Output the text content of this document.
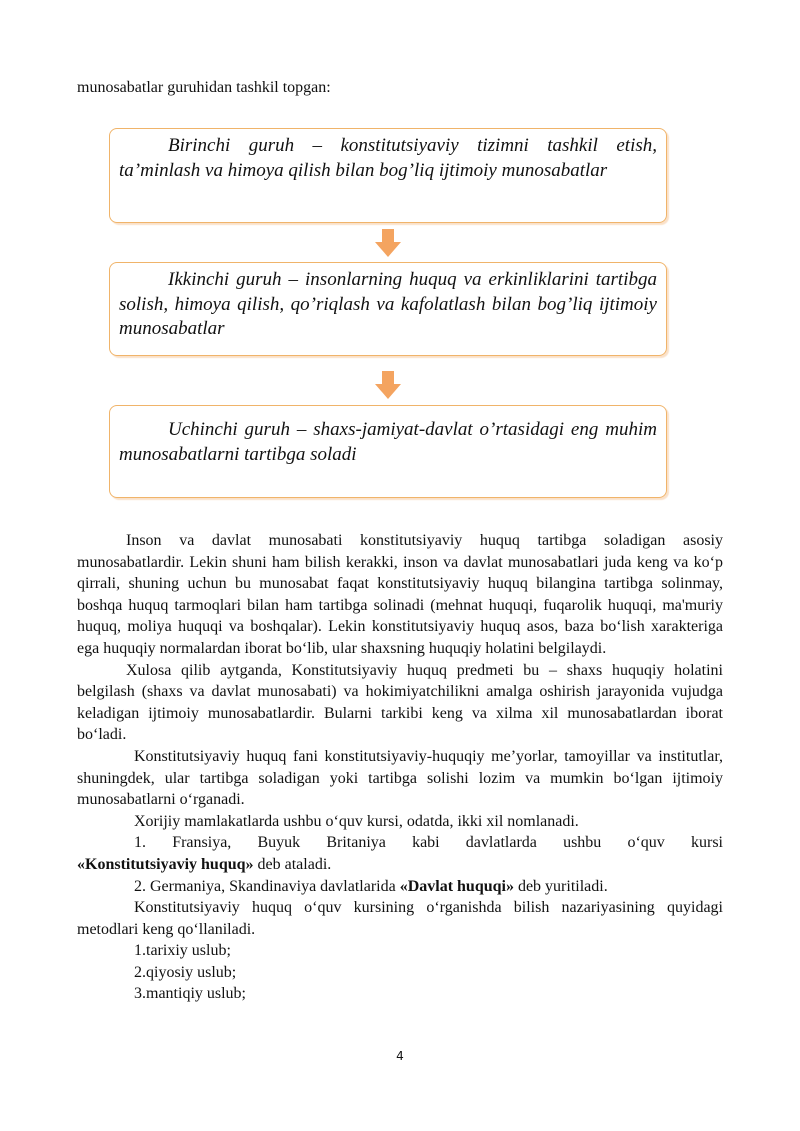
munosabatlar guruhidan tashkil topgan:

Birinchi guruh – konstitutsiyaviy tizimni tashkil etish, ta’minlash va himoya qilish bilan bog’liq ijtimoiy munosabatlar

Ikkinchi guruh – insonlarning huquq va erkinliklarini tartibga solish, himoya qilish, qo’riqlash va kafolatlash bilan bog’liq ijtimoiy munosabatlar

Uchinchi guruh – shaxs-jamiyat-davlat o’rtasidagi eng muhim munosabatlarni tartibga soladi

Inson va davlat munosabati konstitutsiyaviy huquq tartibga soladigan asosiy munosabatlardir. Lekin shuni ham bilish kerakki, inson va davlat munosabatlari juda keng va ko‘p qirrali, shuning uchun bu munosabat faqat konstitutsiyaviy huquq bilangina tartibga solinmay, boshqa huquq tarmoqlari bilan ham tartibga solinadi (mehnat huquqi, fuqarolik huquqi, ma'muriy huquq, moliya huquqi va boshqalar). Lekin konstitutsiyaviy huquq asos, baza bo‘lish xarakteriga ega huquqiy normalardan iborat bo‘lib, ular shaxsning huquqiy holatini belgilaydi.

Xulosa qilib aytganda, Konstitutsiyaviy huquq predmeti bu – shaxs huquqiy holatini belgilash (shaxs va davlat munosabati) va hokimiyatchilikni amalga oshirish jarayonida vujudga keladigan ijtimoiy munosabatlardir. Bularni tarkibi keng va xilma xil munosabatlardan iborat bo‘ladi.

Konstitutsiyaviy huquq fani konstitutsiyaviy-huquqiy me’yorlar, tamoyillar va institutlar, shuningdek, ular tartibga soladigan yoki tartibga solishi lozim va mumkin bo‘lgan ijtimoiy munosabatlarni o‘rganadi.

Xorijiy mamlakatlarda ushbu o‘quv kursi, odatda, ikki xil nomlanadi.

1. Fransiya, Buyuk Britaniya kabi davlatlarda ushbu o‘quv kursi

«Konstitutsiyaviy huquq» deb ataladi.

2. Germaniya, Skandinaviya davlatlarida «Davlat huquqi» deb yuritiladi.

Konstitutsiyaviy huquq o‘quv kursining o‘rganishda bilish nazariyasining quyidagi metodlari keng qo‘llaniladi.

1.tarixiy uslub;
2.qiyosiy uslub;
3.mantiqiy uslub;
4
